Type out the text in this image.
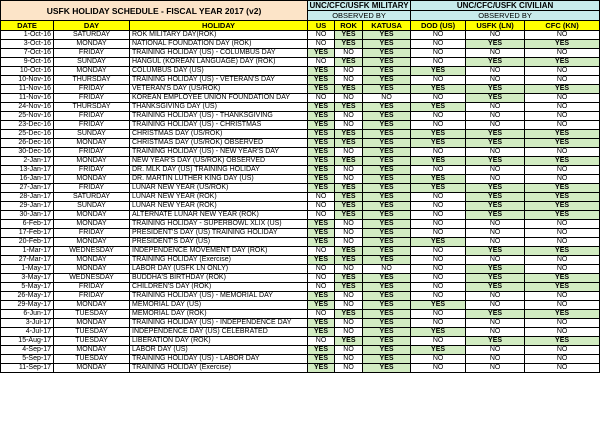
USFK HOLIDAY SCHEDULE - FISCAL YEAR 2017 (v2)			UNC/CFC/USFK MILITARY			UNC/CFC/USFK CIVILIAN		
			OBSERVED BY			OBSERVED BY		
DATE	DAY	HOLIDAY	US	ROK	KATUSA	DOD (US)	USFK (LN)	CFC (KN)
1-Oct-16	SATURDAY	ROK MILITARY DAY(ROK)	NO	YES	YES	NO	NO	NO
3-Oct-16	MONDAY	NATIONAL FOUNDATION DAY (ROK)	NO	YES	YES	NO	YES	YES
7-Oct-16	FRIDAY	TRAINING HOLIDAY (US) - COLUMBUS DAY	YES	NO	YES	NO	NO	NO
9-Oct-16	SUNDAY	HANGUL (KOREAN LANGUAGE) DAY (ROK)	NO	YES	YES	NO	YES	YES
10-Oct-16	MONDAY	COLUMBUS DAY (US)	YES	NO	YES	YES	NO	NO
10-Nov-16	THURSDAY	TRAINING HOLIDAY (US) - VETERAN'S DAY	YES	NO	YES	NO	NO	NO
11-Nov-16	FRIDAY	VETERAN'S DAY (US/ROK)	YES	YES	YES	YES	YES	YES
11-Nov-16	FRIDAY	KOREAN EMPLOYEE UNION FOUNDATION DAY	NO	NO	NO	NO	YES	NO
24-Nov-16	THURSDAY	THANKSGIVING DAY (US)	YES	YES	YES	YES	NO	NO
25-Nov-16	FRIDAY	TRAINING HOLIDAY (US) - THANKSGIVING	YES	NO	YES	NO	NO	NO
23-Dec-16	FRIDAY	TRAINING HOLIDAY (US) - CHRISTMAS	YES	NO	YES	NO	NO	NO
25-Dec-16	SUNDAY	CHRISTMAS DAY (US/ROK)	YES	YES	YES	YES	YES	YES
26-Dec-16	MONDAY	CHRISTMAS DAY (US/ROK) OBSERVED	YES	YES	YES	YES	YES	YES
30-Dec-16	FRIDAY	TRAINING HOLIDAY (US) - NEW YEAR'S DAY	YES	NO	YES	NO	NO	NO
2-Jan-17	MONDAY	NEW YEAR'S DAY (US/ROK) OBSERVED	YES	YES	YES	YES	YES	YES
13-Jan-17	FRIDAY	DR. MLK DAY (US) TRAINING HOLIDAY	YES	NO	YES	NO	NO	NO
16-Jan-17	MONDAY	DR. MARTIN LUTHER KING DAY (US)	YES	NO	YES	YES	NO	NO
27-Jan-17	FRIDAY	LUNAR NEW YEAR (US/ROK)	YES	YES	YES	YES	YES	YES
28-Jan-17	SATURDAY	LUNAR NEW YEAR (ROK)	NO	YES	YES	NO	YES	YES
29-Jan-17	SUNDAY	LUNAR NEW YEAR (ROK)	NO	YES	YES	NO	YES	YES
30-Jan-17	MONDAY	ALTERNATE LUNAR NEW YEAR (ROK)	NO	YES	YES	NO	YES	YES
6-Feb-17	MONDAY	TRAINING HOLIDAY - SUPERBOWL XLIX (US)	YES	NO	YES	NO	NO	NO
17-Feb-17	FRIDAY	PRESIDENT'S DAY (US) TRAINING HOLIDAY	YES	NO	YES	NO	NO	NO
20-Feb-17	MONDAY	PRESIDENT'S DAY (US)	YES	NO	YES	YES	NO	NO
1-Mar-17	WEDNESDAY	INDEPENDENCE MOVEMENT DAY (ROK)	NO	YES	YES	NO	YES	YES
27-Mar-17	MONDAY	TRAINING HOLIDAY (Exercise)	YES	YES	YES	NO	NO	NO
1-May-17	MONDAY	LABOR DAY (USFK LN ONLY)	NO	NO	NO	NO	YES	NO
3-May-17	WEDNESDAY	BUDDHA'S BIRTHDAY (ROK)	NO	YES	YES	NO	YES	YES
5-May-17	FRIDAY	CHILDREN'S DAY (ROK)	NO	YES	YES	NO	YES	YES
26-May-17	FRIDAY	TRAINING HOLIDAY (US) - MEMORIAL DAY	YES	NO	YES	NO	NO	NO
29-May-17	MONDAY	MEMORIAL DAY (US)	YES	NO	YES	YES	NO	NO
6-Jun-17	TUESDAY	MEMORIAL DAY (ROK)	NO	YES	YES	NO	YES	YES
3-Jul-17	MONDAY	TRAINING HOLIDAY (US) - INDEPENDENCE DAY	YES	NO	YES	NO	NO	NO
4-Jul-17	TUESDAY	INDEPENDENCE DAY (US) CELEBRATED	YES	NO	YES	YES	NO	NO
15-Aug-17	TUESDAY	LIBERATION DAY (ROK)	NO	YES	YES	NO	YES	YES
4-Sep-17	MONDAY	LABOR DAY (US)	YES	NO	YES	YES	NO	NO
5-Sep-17	TUESDAY	TRAINING HOLIDAY (US) - LABOR DAY	YES	NO	YES	NO	NO	NO
11-Sep-17	MONDAY	TRAINING HOLIDAY (Exercise)	YES	NO	YES	NO	NO	NO
